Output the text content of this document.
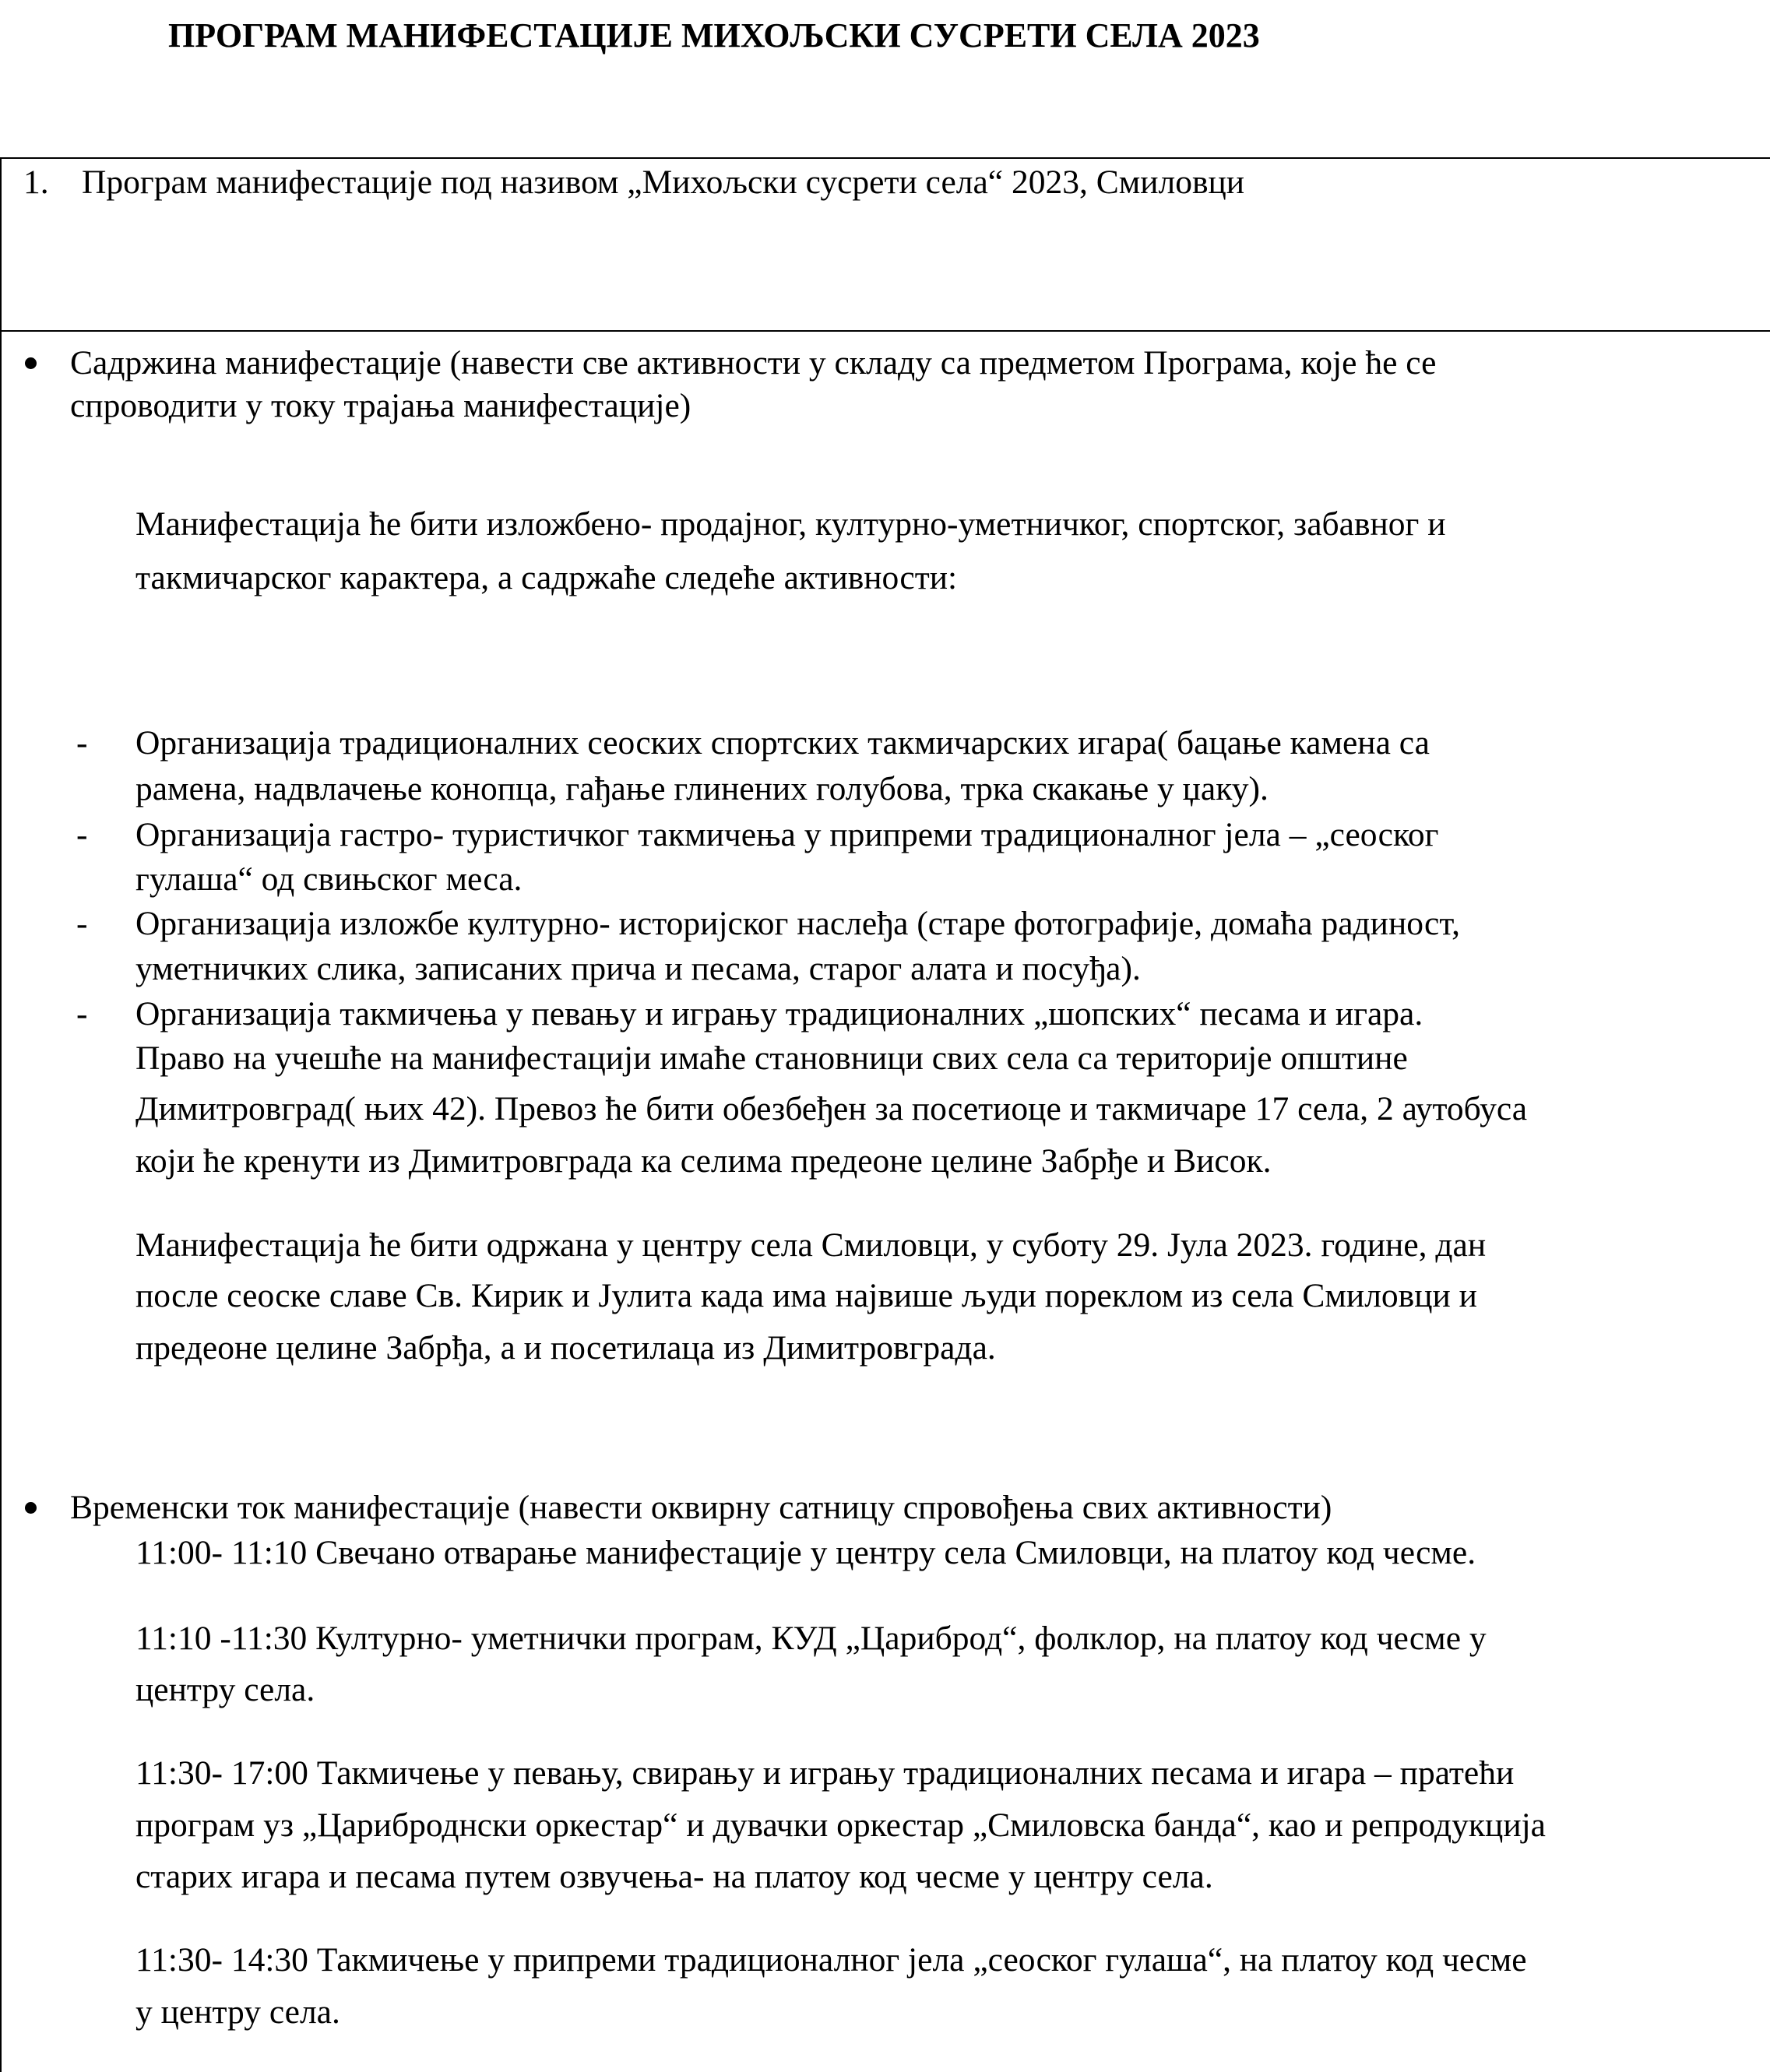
ПРОГРАМ МАНИФЕСТАЦИЈЕ МИХОЉСКИ СУСРЕТИ СЕЛА 2023
1. Програм манифестације под називом „Михољски сусрети села“ 2023, Смиловци
Садржина манифестације (навести све активности у складу са предметом Програма, које ће се
спроводити у току трајања манифестације)
Манифестација ће бити изложбено- продајног, културно-уметничког, спортског, забавног и
такмичарског карактера, а садржаће следеће активности:
- Организација традиционалних сеоских спортских такмичарских игара( бацање камена са
рамена, надвлачење конопца, гађање глинених голубова, трка скакање у џаку).
- Организација гастро- туристичког такмичења у припреми традиционалног јела – „сеоског
гулаша“ од свињског меса.
- Организација изложбе културно- историјског наслеђа (старе фотографије, домаћа радиност,
уметничких слика, записаних прича и песама, старог алата и посуђа).
- Организација такмичења у певању и игрању традиционалних „шопских“ песама и игара.
Право на учешће на манифестацији имаће становници свих села са територије општине
Димитровград( њих 42). Превоз ће бити обезбеђен за посетиоце и такмичаре 17 села, 2 аутобуса
који ће кренути из Димитровграда ка селима предеоне целине Забрђе и Висок.
Манифестација ће бити одржана у центру села Смиловци, у суботу 29. Јула 2023. године, дан
после сеоске славе Св. Кирик и Јулита када има највише људи пореклом из села Смиловци и
предеоне целине Забрђа, а и посетилаца из Димитровграда.
Временски ток манифестације (навести оквирну сатницу спровођења свих активности)
11:00- 11:10 Свечано отварање манифестације у центру села Смиловци, на платоу код чесме.
11:10 -11:30 Културно- уметнички програм, КУД „Цариброд“, фолклор, на платоу код чесме у
центру села.
11:30- 17:00 Такмичење у певању, свирању и игрању традиционалних песама и игара – пратећи
програм уз „Цариброднски оркестар“ и дувачки оркестар „Смиловска банда“, као и репродукција
старих игара и песама путем озвучења- на платоу код чесме у центру села.
11:30- 14:30 Такмичење у припреми традиционалног јела „сеоског гулаша“, на платоу код чесме
у центру села.
